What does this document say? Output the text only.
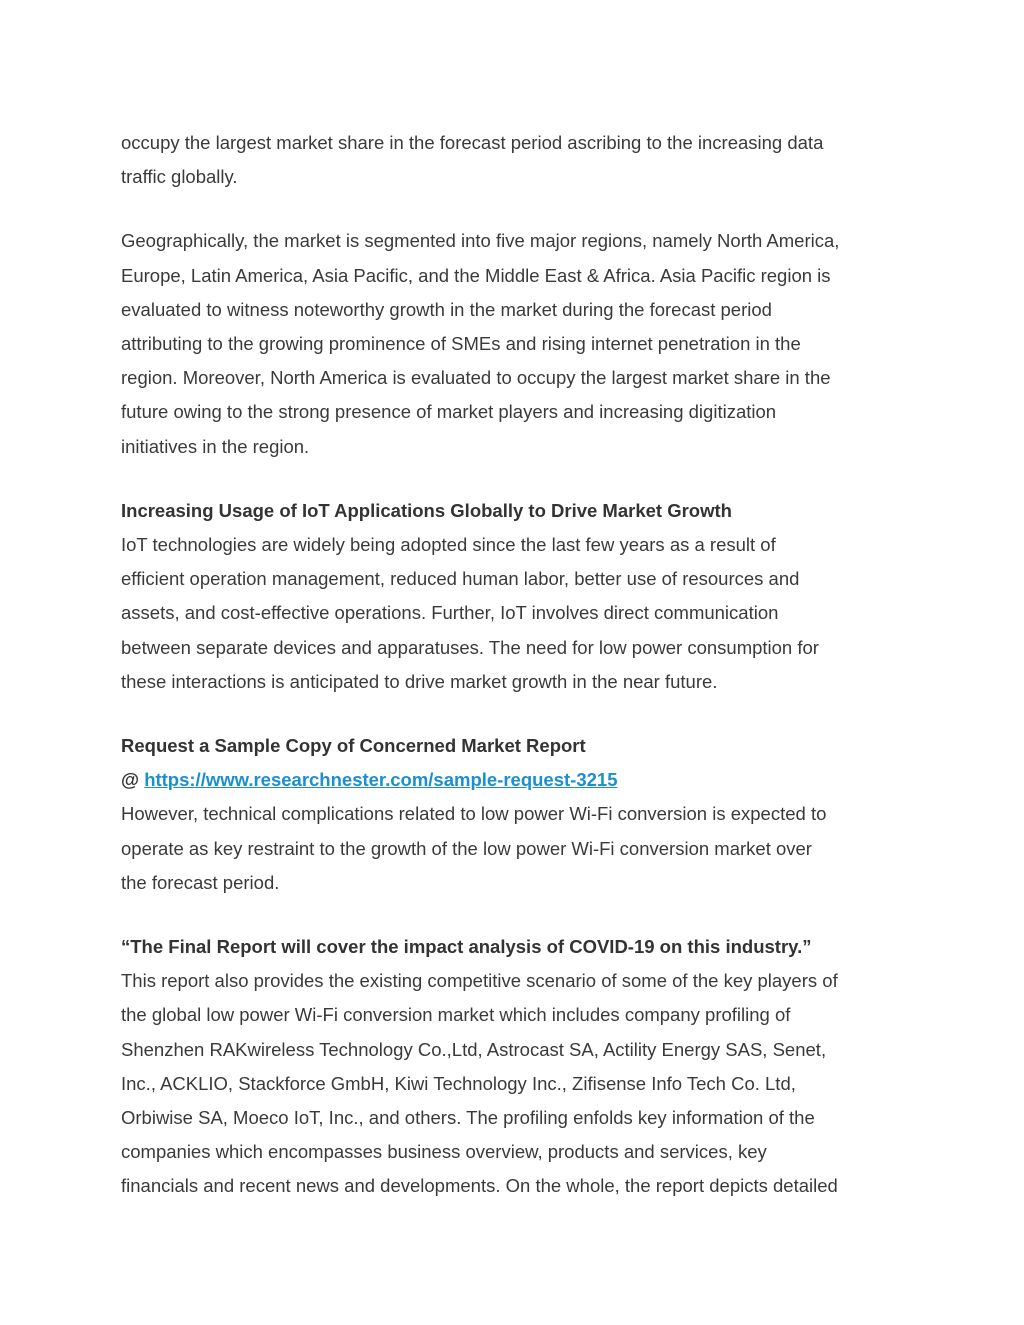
occupy the largest market share in the forecast period ascribing to the increasing data
traffic globally.

Geographically, the market is segmented into five major regions, namely North America,
Europe, Latin America, Asia Pacific, and the Middle East & Africa. Asia Pacific region is
evaluated to witness noteworthy growth in the market during the forecast period
attributing to the growing prominence of SMEs and rising internet penetration in the
region. Moreover, North America is evaluated to occupy the largest market share in the
future owing to the strong presence of market players and increasing digitization
initiatives in the region.

Increasing Usage of IoT Applications Globally to Drive Market Growth
IoT technologies are widely being adopted since the last few years as a result of
efficient operation management, reduced human labor, better use of resources and
assets, and cost-effective operations. Further, IoT involves direct communication
between separate devices and apparatuses. The need for low power consumption for
these interactions is anticipated to drive market growth in the near future.

Request a Sample Copy of Concerned Market Report
@ https://www.researchnester.com/sample-request-3215
However, technical complications related to low power Wi-Fi conversion is expected to
operate as key restraint to the growth of the low power Wi-Fi conversion market over
the forecast period.

“The Final Report will cover the impact analysis of COVID-19 on this industry.”
This report also provides the existing competitive scenario of some of the key players of
the global low power Wi-Fi conversion market which includes company profiling of
Shenzhen RAKwireless Technology Co.,Ltd, Astrocast SA, Actility Energy SAS, Senet,
Inc., ACKLIO, Stackforce GmbH, Kiwi Technology Inc., Zifisense Info Tech Co. Ltd,
Orbiwise SA, Moeco IoT, Inc., and others. The profiling enfolds key information of the
companies which encompasses business overview, products and services, key
financials and recent news and developments. On the whole, the report depicts detailed
